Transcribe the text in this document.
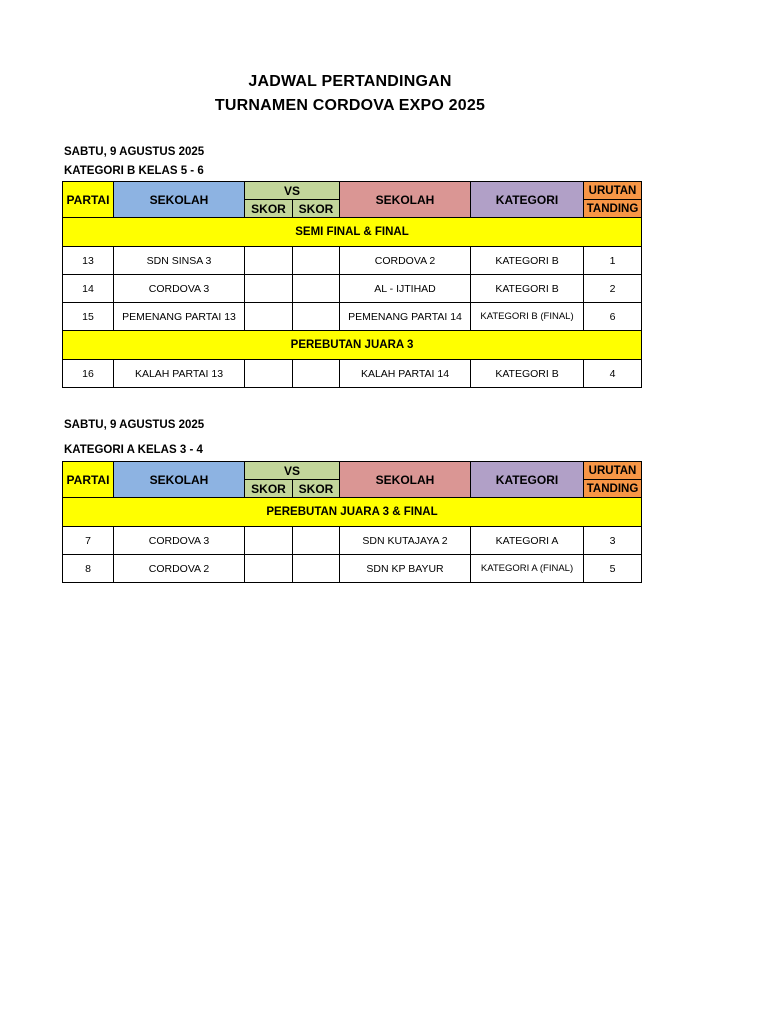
JADWAL PERTANDINGAN
TURNAMEN CORDOVA EXPO 2025
SABTU, 9 AGUSTUS 2025
KATEGORI B KELAS 5 - 6
PARTAI	SEKOLAH	VS		SEKOLAH	KATEGORI	URUTAN
		SKOR	SKOR			TANDING
SEMI FINAL & FINAL						
13	SDN SINSA 3			CORDOVA 2	KATEGORI B	1
14	CORDOVA 3			AL - IJTIHAD	KATEGORI B	2
15	PEMENANG PARTAI 13			PEMENANG PARTAI 14	KATEGORI B (FINAL)	6
PEREBUTAN JUARA 3						
16	KALAH PARTAI 13			KALAH PARTAI 14	KATEGORI B	4
SABTU, 9 AGUSTUS 2025
KATEGORI A KELAS 3 - 4
PARTAI	SEKOLAH	VS		SEKOLAH	KATEGORI	URUTAN
		SKOR	SKOR			TANDING
PEREBUTAN JUARA 3 & FINAL						
7	CORDOVA 3			SDN KUTAJAYA 2	KATEGORI A	3
8	CORDOVA 2			SDN KP BAYUR	KATEGORI A (FINAL)	5
